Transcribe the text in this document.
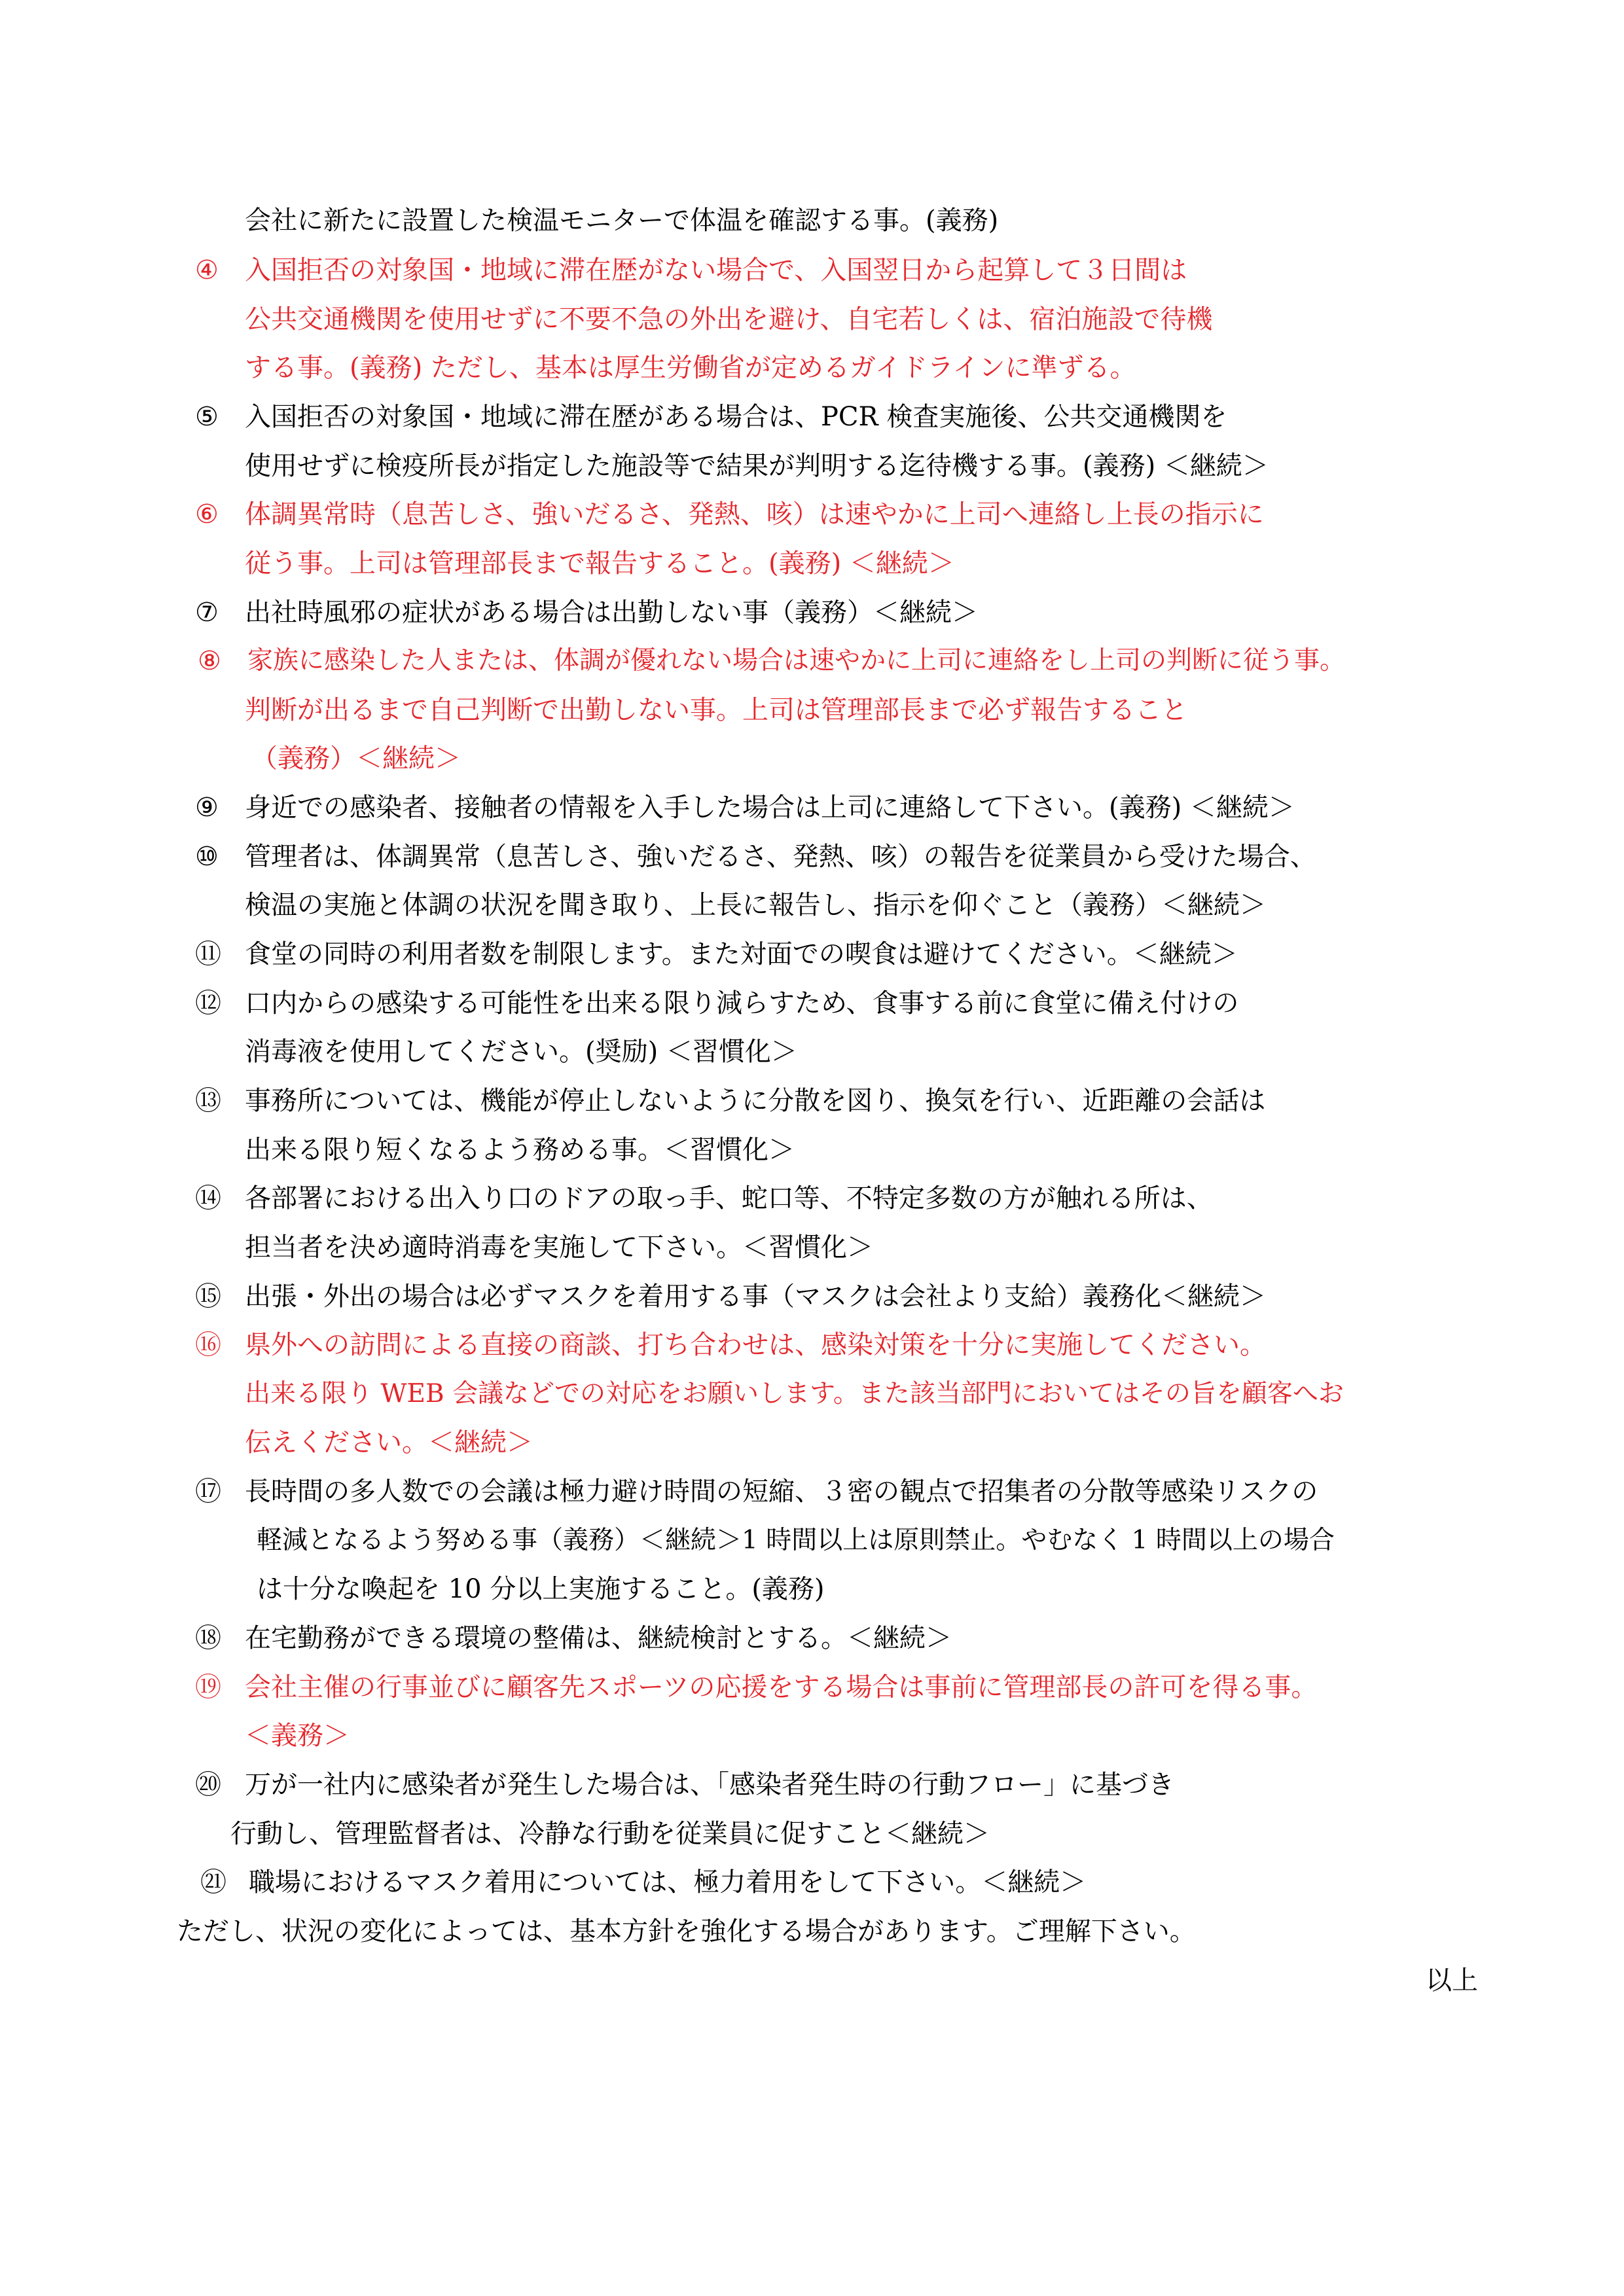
会社に新たに設置した検温モニターで体温を確認する事。(義務)
④ 入国拒否の対象国・地域に滞在歴がない場合で、入国翌日から起算して３日間は
公共交通機関を使用せずに不要不急の外出を避け、自宅若しくは、宿泊施設で待機
する事。(義務) ただし、基本は厚生労働省が定めるガイドラインに準ずる。
⑤ 入国拒否の対象国・地域に滞在歴がある場合は、PCR 検査実施後、公共交通機関を
使用せずに検疫所長が指定した施設等で結果が判明する迄待機する事。(義務) ＜継続＞
⑥ 体調異常時（息苦しさ、強いだるさ、発熱、咳）は速やかに上司へ連絡し上長の指示に
従う事。上司は管理部長まで報告すること。(義務) ＜継続＞
⑦ 出社時風邪の症状がある場合は出勤しない事（義務）＜継続＞
⑧ 家族に感染した人または、体調が優れない場合は速やかに上司に連絡をし上司の判断に従う事。
判断が出るまで自己判断で出勤しない事。上司は管理部長まで必ず報告すること
（義務）＜継続＞
⑨ 身近での感染者、接触者の情報を入手した場合は上司に連絡して下さい。(義務) ＜継続＞
⑩ 管理者は、体調異常（息苦しさ、強いだるさ、発熱、咳）の報告を従業員から受けた場合、
検温の実施と体調の状況を聞き取り、上長に報告し、指示を仰ぐこと（義務）＜継続＞
⑪ 食堂の同時の利用者数を制限します。また対面での喫食は避けてください。＜継続＞
⑫ 口内からの感染する可能性を出来る限り減らすため、食事する前に食堂に備え付けの
消毒液を使用してください。(奨励) ＜習慣化＞
⑬ 事務所については、機能が停止しないように分散を図り、換気を行い、近距離の会話は
出来る限り短くなるよう務める事。＜習慣化＞
⑭ 各部署における出入り口のドアの取っ手、蛇口等、不特定多数の方が触れる所は、
担当者を決め適時消毒を実施して下さい。＜習慣化＞
⑮ 出張・外出の場合は必ずマスクを着用する事（マスクは会社より支給）義務化＜継続＞
⑯ 県外への訪問による直接の商談、打ち合わせは、感染対策を十分に実施してください。
出来る限り WEB 会議などでの対応をお願いします。また該当部門においてはその旨を顧客へお
伝えください。＜継続＞
⑰ 長時間の多人数での会議は極力避け時間の短縮、３密の観点で招集者の分散等感染リスクの
軽減となるよう努める事（義務）＜継続＞1 時間以上は原則禁止。やむなく 1 時間以上の場合
は十分な喚起を 10 分以上実施すること。(義務)
⑱ 在宅勤務ができる環境の整備は、継続検討とする。＜継続＞
⑲ 会社主催の行事並びに顧客先スポーツの応援をする場合は事前に管理部長の許可を得る事。
＜義務＞
⑳ 万が一社内に感染者が発生した場合は、「感染者発生時の行動フロー」に基づき
行動し、管理監督者は、冷静な行動を従業員に促すこと＜継続＞
㉑ 職場におけるマスク着用については、極力着用をして下さい。＜継続＞
ただし、状況の変化によっては、基本方針を強化する場合があります。ご理解下さい。
以上
